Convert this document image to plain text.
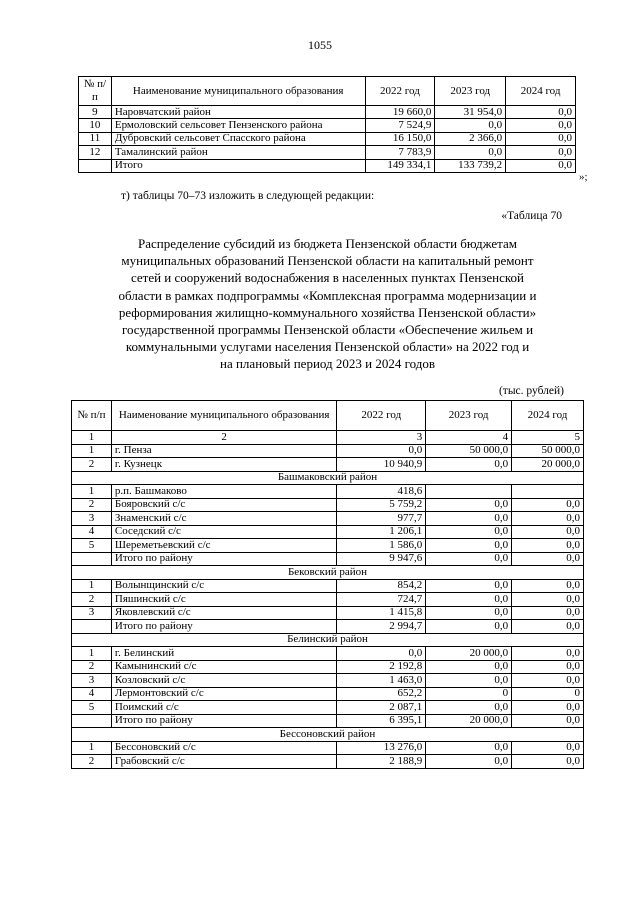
1055
№ п/п	Наименование муниципального образования	2022 год	2023 год	2024 год
9	Наровчатский район	19 660,0	31 954,0	0,0
10	Ермоловский сельсовет Пензенского района	7 524,9	0,0	0,0
11	Дубровский сельсовет Спасского района	16 150,0	2 366,0	0,0
12	Тамалинский район	7 783,9	0,0	0,0
	Итого	149 334,1	133 739,2	0,0
»;
т) таблицы 70–73 изложить в следующей редакции:
«Таблица 70
Распределение субсидий из бюджета Пензенской области бюджетам
муниципальных образований Пензенской области на капитальный ремонт
сетей и сооружений водоснабжения в населенных пунктах Пензенской
области в рамках подпрограммы «Комплексная программа модернизации и
реформирования жилищно-коммунального хозяйства Пензенской области»
государственной программы Пензенской области «Обеспечение жильем и
коммунальными услугами населения Пензенской области» на 2022 год и
на плановый период 2023 и 2024 годов
(тыс. рублей)
№ п/п	Наименование муниципального образования	2022 год	2023 год	2024 год
1	2	3	4	5
1	г. Пенза	0,0	50 000,0	50 000,0
2	г. Кузнецк	10 940,9	0,0	20 000,0
Башмаковский район				
1	р.п. Башмаково	418,6		
2	Бояровский с/с	5 759,2	0,0	0,0
3	Знаменский с/с	977,7	0,0	0,0
4	Соседский с/с	1 206,1	0,0	0,0
5	Шереметьевский с/с	1 586,0	0,0	0,0
	Итого по району	9 947,6	0,0	0,0
Бековский район				
1	Волынщинский с/с	854,2	0,0	0,0
2	Пяшинский с/с	724,7	0,0	0,0
3	Яковлевский с/с	1 415,8	0,0	0,0
	Итого по району	2 994,7	0,0	0,0
Белинский район				
1	г. Белинский	0,0	20 000,0	0,0
2	Камынинский с/с	2 192,8	0,0	0,0
3	Козловский с/с	1 463,0	0,0	0,0
4	Лермонтовский с/с	652,2	0	0
5	Поимский с/с	2 087,1	0,0	0,0
	Итого по району	6 395,1	20 000,0	0,0
Бессоновский район				
1	Бессоновский с/с	13 276,0	0,0	0,0
2	Грабовский с/с	2 188,9	0,0	0,0
